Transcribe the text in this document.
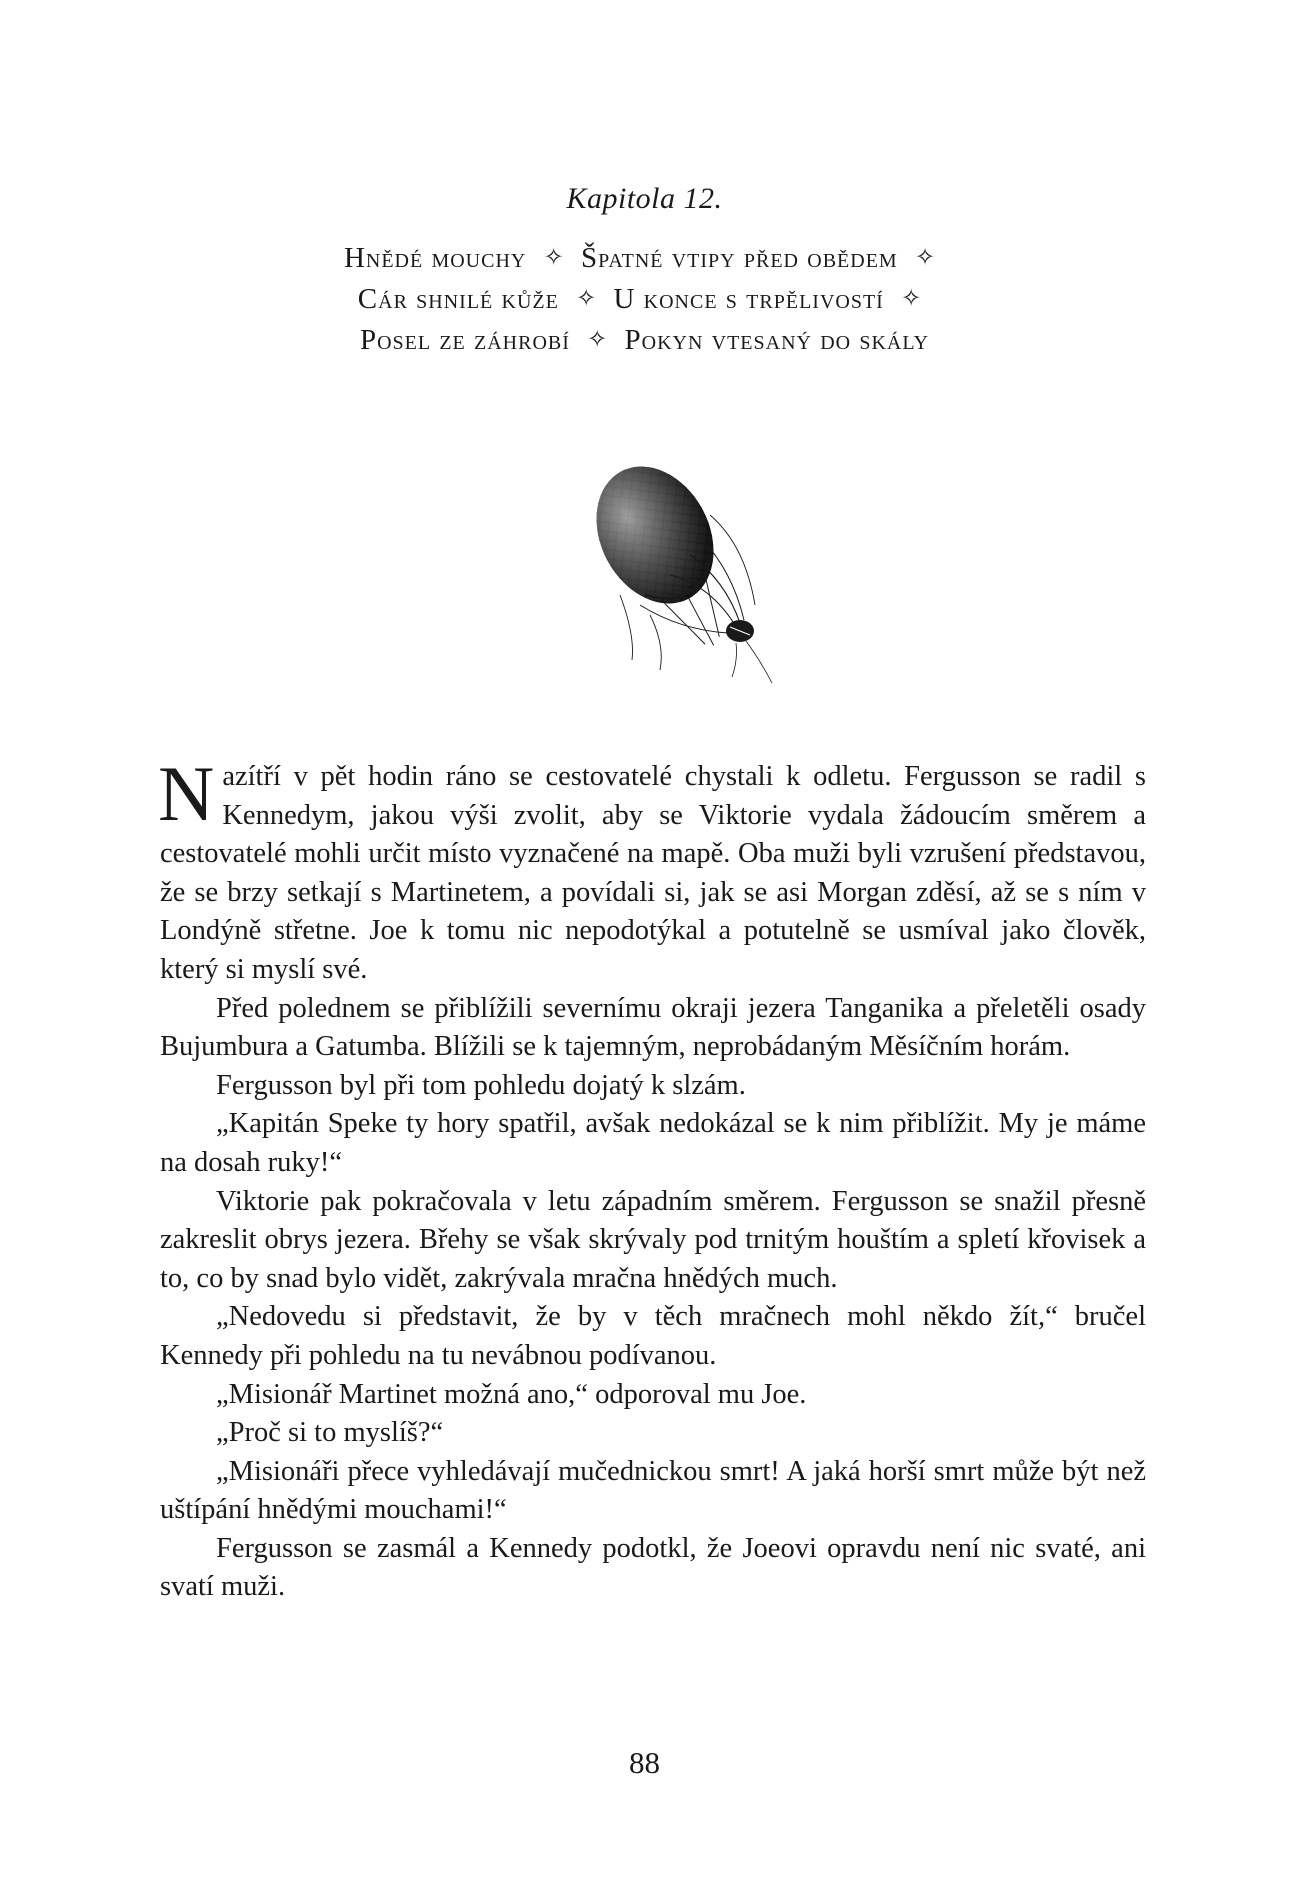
Kapitola 12.
Hnědé mouchy ✧ Špatné vtipy před obědem ✧
Cár shnilé kůže ✧ U konce s trpělivostí ✧
Posel ze záhrobí ✧ Pokyn vtesaný do skály

Nazítří v pět hodin ráno se cestovatelé chystali k odletu. Fergusson se radil s Kennedym, jakou výši zvolit, aby se Viktorie vydala žádoucím směrem a cestovatelé mohli určit místo vyznačené na mapě. Oba muži byli vzrušení představou, že se brzy setkají s Martinetem, a povídali si, jak se asi Morgan zděsí, až se s ním v Londýně střetne. Joe k tomu nic nepodotýkal a potutelně se usmíval jako člověk, který si myslí své.

Před polednem se přiblížili severnímu okraji jezera Tanganika a přeletěli osady Bujumbura a Gatumba. Blížili se k tajemným, neprobádaným Měsíčním horám.

Fergusson byl při tom pohledu dojatý k slzám.

„Kapitán Speke ty hory spatřil, avšak nedokázal se k nim přiblížit. My je máme na dosah ruky!“

Viktorie pak pokračovala v letu západním směrem. Fergusson se snažil přesně zakreslit obrys jezera. Břehy se však skrývaly pod trnitým houštím a spletí křovisek a to, co by snad bylo vidět, zakrývala mračna hnědých much.

„Nedovedu si představit, že by v těch mračnech mohl někdo žít,“ bručel Kennedy při pohledu na tu nevábnou podívanou.

„Misionář Martinet možná ano,“ odporoval mu Joe.

„Proč si to myslíš?“

„Misionáři přece vyhledávají mučednickou smrt! A jaká horší smrt může být než uštípání hnědými mouchami!“

Fergusson se zasmál a Kennedy podotkl, že Joeovi opravdu není nic svaté, ani svatí muži.

88
